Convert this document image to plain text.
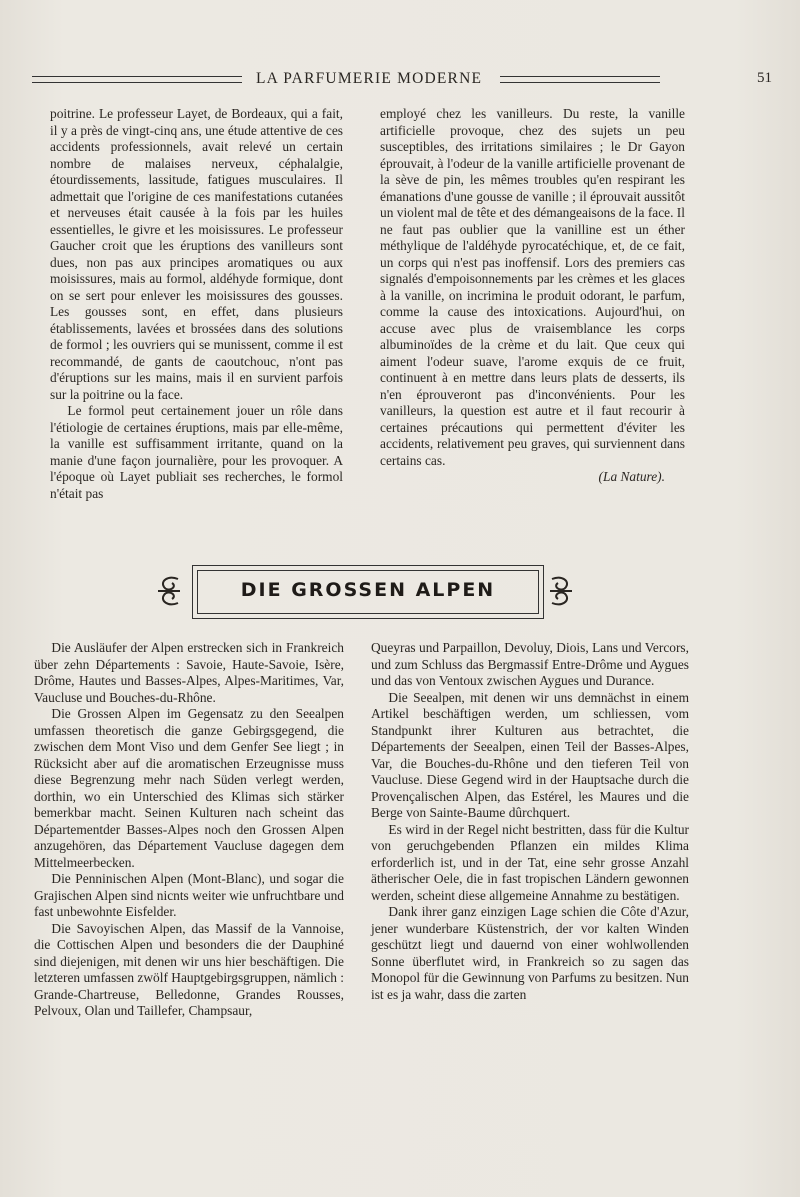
LA PARFUMERIE MODERNE	51

poitrine. Le professeur Layet, de Bordeaux, qui a fait, il y a près de vingt-cinq ans, une étude attentive de ces accidents professionnels, avait relevé un certain nombre de malaises nerveux, céphalalgie, étourdissements, lassitude, fatigues musculaires. Il admettait que l'origine de ces manifestations cutanées et nerveuses était causée à la fois par les huiles essentielles, le givre et les moisissures. Le professeur Gaucher croit que les éruptions des vanilleurs sont dues, non pas aux principes aromatiques ou aux moisissures, mais au formol, aldéhyde formique, dont on se sert pour enlever les moisissures des gousses. Les gousses sont, en effet, dans plusieurs établissements, lavées et brossées dans des solutions de formol ; les ouvriers qui se munissent, comme il est recommandé, de gants de caoutchouc, n'ont pas d'éruptions sur les mains, mais il en survient parfois sur la poitrine ou la face.

Le formol peut certainement jouer un rôle dans l'étiologie de certaines éruptions, mais par elle-même, la vanille est suffisamment irritante, quand on la manie d'une façon journalière, pour les provoquer. A l'époque où Layet publiait ses recherches, le formol n'était pas

employé chez les vanilleurs. Du reste, la vanille artificielle provoque, chez des sujets un peu susceptibles, des irritations similaires ; le Dr Gayon éprouvait, à l'odeur de la vanille artificielle provenant de la sève de pin, les mêmes troubles qu'en respirant les émanations d'une gousse de vanille ; il éprouvait aussitôt un violent mal de tête et des démangeaisons de la face. Il ne faut pas oublier que la vanilline est un éther méthylique de l'aldéhyde pyrocatéchique, et, de ce fait, un corps qui n'est pas inoffensif. Lors des premiers cas signalés d'empoisonnements par les crèmes et les glaces à la vanille, on incrimina le produit odorant, le parfum, comme la cause des intoxications. Aujourd'hui, on accuse avec plus de vraisemblance les corps albuminoïdes de la crème et du lait. Que ceux qui aiment l'odeur suave, l'arome exquis de ce fruit, continuent à en mettre dans leurs plats de desserts, ils n'en éprouveront pas d'inconvénients. Pour les vanilleurs, la question est autre et il faut recourir à certaines précautions qui permettent d'éviter les accidents, relativement peu graves, qui surviennent dans certains cas.

(La Nature).

DIE GROSSEN ALPEN

Die Ausläufer der Alpen erstrecken sich in Frankreich über zehn Départements : Savoie, Haute-Savoie, Isère, Drôme, Hautes und Basses-Alpes, Alpes-Maritimes, Var, Vaucluse und Bouches-du-Rhône.

Die Grossen Alpen im Gegensatz zu den Seealpen umfassen theoretisch die ganze Gebirgsgegend, die zwischen dem Mont Viso und dem Genfer See liegt ; in Rücksicht aber auf die aromatischen Erzeugnisse muss diese Begrenzung mehr nach Süden verlegt werden, dorthin, wo ein Unterschied des Klimas sich stärker bemerkbar macht. Seinen Kulturen nach scheint das Départementder Basses-Alpes noch den Grossen Alpen anzugehören, das Département Vaucluse dagegen dem Mittelmeerbecken.

Die Penninischen Alpen (Mont-Blanc), und sogar die Grajischen Alpen sind nicnts weiter wie unfruchtbare und fast unbewohnte Eisfelder.

Die Savoyischen Alpen, das Massif de la Vannoise, die Cottischen Alpen und besonders die der Dauphiné sind diejenigen, mit denen wir uns hier beschäftigen. Die letzteren umfassen zwölf Hauptgebirgsgruppen, nämlich : Grande-Chartreuse, Belledonne, Grandes Rousses, Pelvoux, Olan und Taillefer, Champsaur,

Queyras und Parpaillon, Devoluy, Diois, Lans und Vercors, und zum Schluss das Bergmassif Entre-Drôme und Aygues und das von Ventoux zwischen Aygues und Durance.

Die Seealpen, mit denen wir uns demnächst in einem Artikel beschäftigen werden, um schliessen, vom Standpunkt ihrer Kulturen aus betrachtet, die Départements der Seealpen, einen Teil der Basses-Alpes, Var, die Bouches-du-Rhône und den tieferen Teil von Vaucluse. Diese Gegend wird in der Hauptsache durch die Provençalischen Alpen, das Estérel, les Maures und die Berge von Sainte-Baume dûrchquert.

Es wird in der Regel nicht bestritten, dass für die Kultur von geruchgebenden Pflanzen ein mildes Klima erforderlich ist, und in der Tat, eine sehr grosse Anzahl ätherischer Oele, die in fast tropischen Ländern gewonnen werden, scheint diese allgemeine Annahme zu bestätigen.

Dank ihrer ganz einzigen Lage schien die Côte d'Azur, jener wunderbare Küstenstrich, der vor kalten Winden geschützt liegt und dauernd von einer wohlwollenden Sonne überflutet wird, in Frankreich so zu sagen das Monopol für die Gewinnung von Parfums zu besitzen. Nun ist es ja wahr, dass die zarten
